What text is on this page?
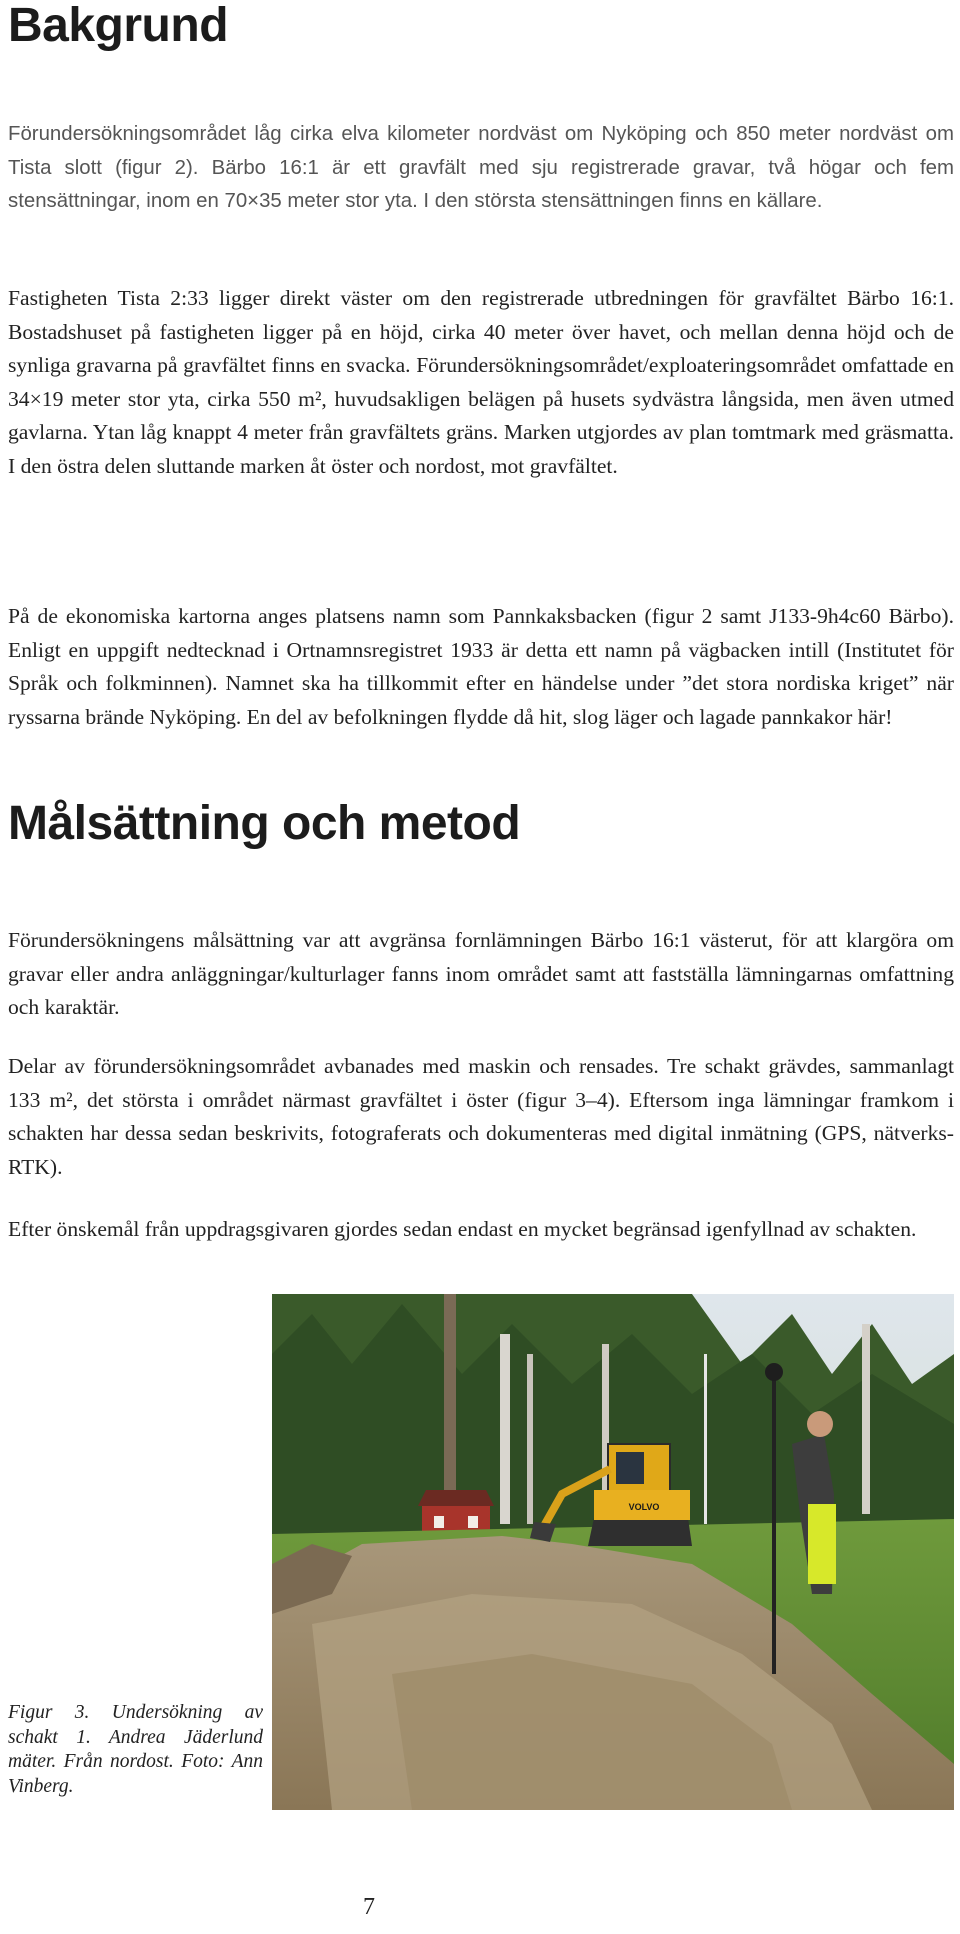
Bakgrund

Förundersökningsområdet låg cirka elva kilometer nordväst om Nyköping och 850 meter nordväst om Tista slott (figur 2). Bärbo 16:1 är ett gravfält med sju registrerade gravar, två högar och fem stensättningar, inom en 70×35 meter stor yta. I den största stensättningen finns en källare.

Fastigheten Tista 2:33 ligger direkt väster om den registrerade utbredningen för gravfältet Bärbo 16:1. Bostadshuset på fastigheten ligger på en höjd, cirka 40 meter över havet, och mellan denna höjd och de synliga gravarna på gravfältet finns en svacka. Förundersökningsområdet/exploateringsområdet omfattade en 34×19 meter stor yta, cirka 550 m², huvudsakligen belägen på husets sydvästra långsida, men även utmed gavlarna. Ytan låg knappt 4 meter från gravfältets gräns. Marken utgjordes av plan tomtmark med gräsmatta. I den östra delen sluttande marken åt öster och nordost, mot gravfältet.

På de ekonomiska kartorna anges platsens namn som Pannkaksbacken (figur 2 samt J133-9h4c60 Bärbo). Enligt en uppgift nedtecknad i Ortnamnsregistret 1933 är detta ett namn på vägbacken intill (Institutet för Språk och folkminnen). Namnet ska ha tillkommit efter en händelse under ”det stora nordiska kriget” när ryssarna brände Nyköping. En del av befolkningen flydde då hit, slog läger och lagade pannkakor här!

Målsättning och metod

Förundersökningens målsättning var att avgränsa fornlämningen Bärbo 16:1 västerut, för att klargöra om gravar eller andra anläggningar/kulturlager fanns inom området samt att fastställa lämningarnas omfattning och karaktär.

Delar av förundersökningsområdet avbanades med maskin och rensades. Tre schakt grävdes, sammanlagt 133 m², det största i området närmast gravfältet i öster (figur 3–4). Eftersom inga lämningar framkom i schakten har dessa sedan beskrivits, fotograferats och dokumenteras med digital inmätning (GPS, nätverks-RTK).

Efter önskemål från uppdragsgivaren gjordes sedan endast en mycket begränsad igenfyllnad av schakten.

VOLVO

Figur 3. Undersökning av schakt 1. Andrea Jäderlund mäter. Från nordost. Foto: Ann Vinberg.

7
